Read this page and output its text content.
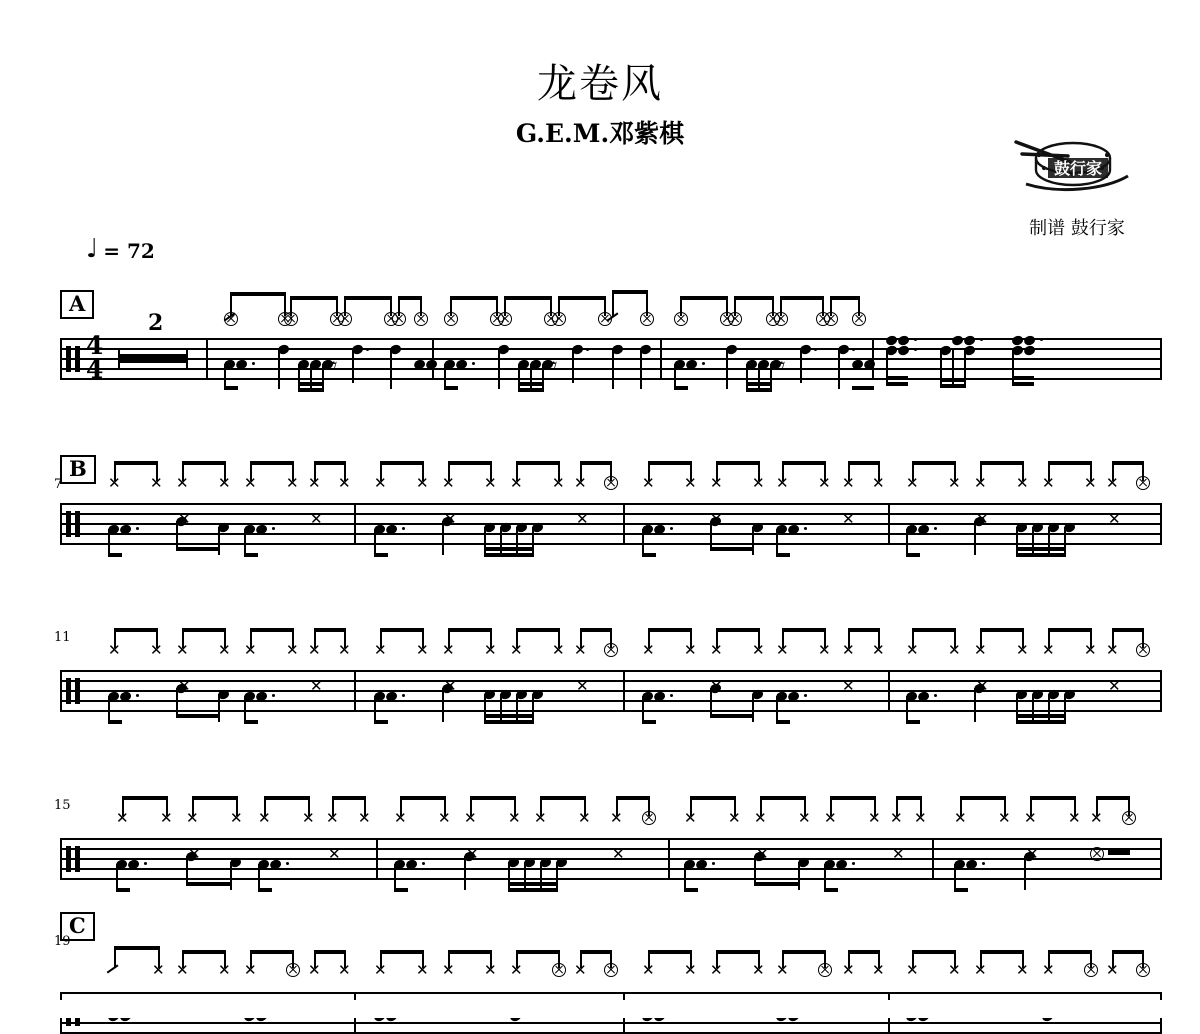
龙卷风
G.E.M.邓紫棋
鼓行家
制谱 鼓行家
♩ = 72
A
4
4
2
𝄾
𝄾
𝄾
B
7
✕
✕
✕
✕
✕
✕
✕
✕
✕
✕
✕
✕
✕
✕
✕
✕
✕
✕
✕
✕
✕
✕
✕
✕
✕
✕
✕
✕
✕
✕
✕
✕
✕
✕
✕
✕
✕
✕
11
✕
✕
✕
✕
✕
✕
✕
✕
✕
✕
✕
✕
✕
✕
✕
✕
✕
✕
✕
✕
✕
✕
✕
✕
✕
✕
✕
✕
✕
✕
✕
✕
✕
✕
✕
✕
✕
✕
15
✕
✕
✕
✕
✕
✕
✕
✕
✕
✕
✕
✕
✕
✕
✕
✕
✕
✕
✕
✕
✕
✕
✕
✕
✕
✕
✕
✕
✕
✕
✕
✕
✕
✕
✕
C
19
✕
✕
✕
✕
✕
✕
✕
✕
✕
✕
✕
✕
✕
✕
✕
✕
✕
✕
✕
✕
✕
✕
✕
✕
✕
